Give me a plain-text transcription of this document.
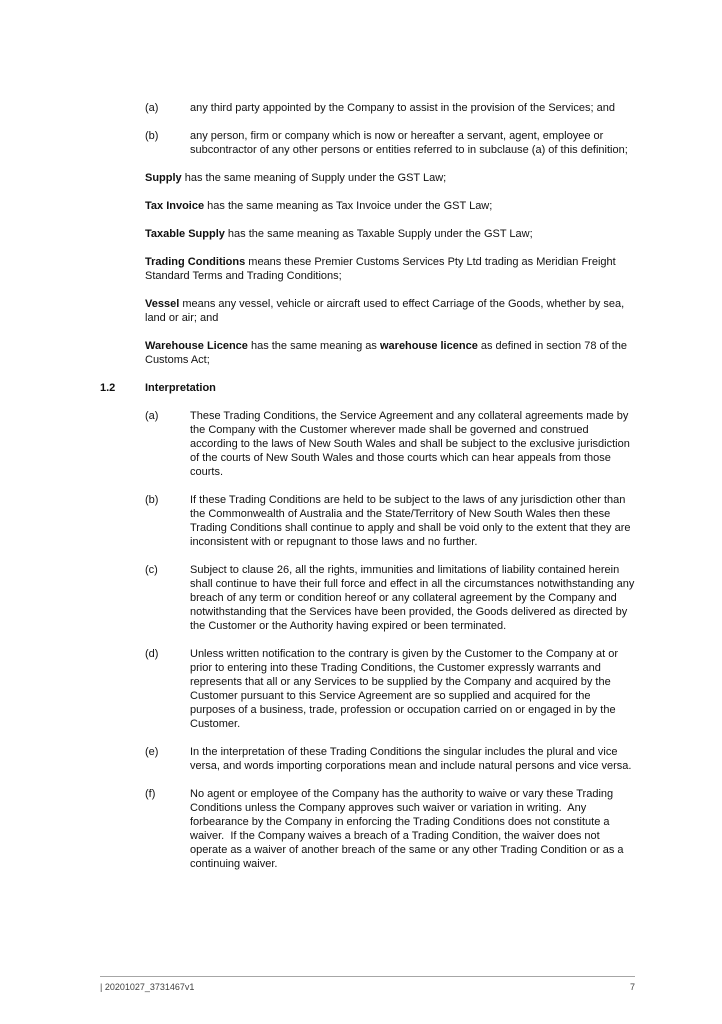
(a)	any third party appointed by the Company to assist in the provision of the Services; and
(b)	any person, firm or company which is now or hereafter a servant, agent, employee or subcontractor of any other persons or entities referred to in subclause (a) of this definition;

Supply has the same meaning of Supply under the GST Law;

Tax Invoice has the same meaning as Tax Invoice under the GST Law;

Taxable Supply has the same meaning as Taxable Supply under the GST Law;

Trading Conditions means these Premier Customs Services Pty Ltd trading as Meridian Freight Standard Terms and Trading Conditions;

Vessel means any vessel, vehicle or aircraft used to effect Carriage of the Goods, whether by sea, land or air; and

Warehouse Licence has the same meaning as warehouse licence as defined in section 78 of the Customs Act;

1.2	Interpretation
(a)	These Trading Conditions, the Service Agreement and any collateral agreements made by the Company with the Customer wherever made shall be governed and construed according to the laws of New South Wales and shall be subject to the exclusive jurisdiction of the courts of New South Wales and those courts which can hear appeals from those courts.
(b)	If these Trading Conditions are held to be subject to the laws of any jurisdiction other than the Commonwealth of Australia and the State/Territory of New South Wales then these Trading Conditions shall continue to apply and shall be void only to the extent that they are inconsistent with or repugnant to those laws and no further.
(c)	Subject to clause 26, all the rights, immunities and limitations of liability contained herein shall continue to have their full force and effect in all the circumstances notwithstanding any breach of any term or condition hereof or any collateral agreement by the Company and notwithstanding that the Services have been provided, the Goods delivered as directed by the Customer or the Authority having expired or been terminated.
(d)	Unless written notification to the contrary is given by the Customer to the Company at or prior to entering into these Trading Conditions, the Customer expressly warrants and represents that all or any Services to be supplied by the Company and acquired by the Customer pursuant to this Service Agreement are so supplied and acquired for the purposes of a business, trade, profession or occupation carried on or engaged in by the Customer.
(e)	In the interpretation of these Trading Conditions the singular includes the plural and vice versa, and words importing corporations mean and include natural persons and vice versa.
(f)	No agent or employee of the Company has the authority to waive or vary these Trading Conditions unless the Company approves such waiver or variation in writing.  Any forbearance by the Company in enforcing the Trading Conditions does not constitute a waiver.  If the Company waives a breach of a Trading Condition, the waiver does not operate as a waiver of another breach of the same or any other Trading Condition or as a continuing waiver.
| 20201027_3731467v1	7
